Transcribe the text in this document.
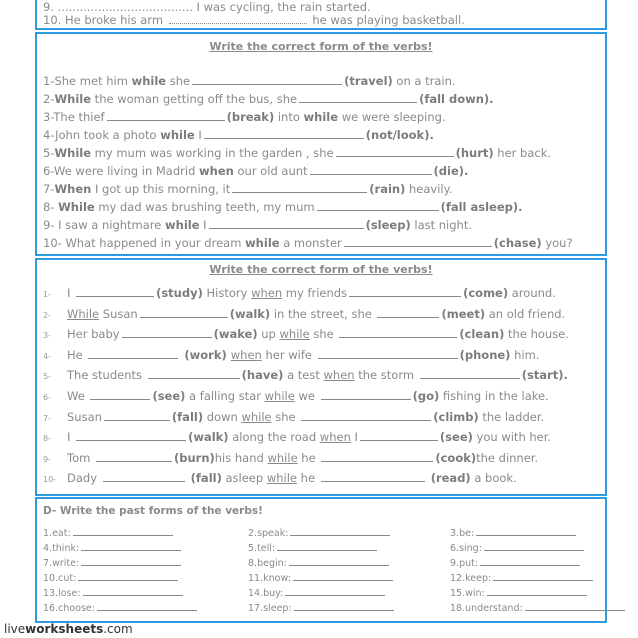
9. ..................................... I was cycling, the rain started.
10. He broke his arm	he was playing basketball.
Write the correct form of the verbs!
1-She met him while she	(travel) on a train.
2-While the woman getting off the bus, she	(fall down).
3-The thief	(break) into while we were sleeping.
4-John took a photo while I	(not/look).
5-While my mum was working in the garden , she	(hurt) her back.
6-We were living in Madrid when our old aunt	(die).
7-When I got up this morning, it	(rain) heavily.
8- While my dad was brushing teeth, my mum	(fall asleep).
9- I saw a nightmare while I	(sleep) last night.
10- What happened in your dream while a monster	(chase) you?
Write the correct form of the verbs!
1- I	(study) History when my friends	(come) around.
2- While Susan	(walk) in the street, she	(meet) an old friend.
3- Her baby	(wake) up while she	(clean) the house.
4- He	(work) when her wife	(phone) him.
5- The students	(have) a test when the storm	(start).
6- We	(see) a falling star while we	(go) fishing in the lake.
7- Susan	(fall) down while she	(climb) the ladder.
8- I	(walk) along the road when I	(see) you with her.
9- Tom	(burn)his hand while he	(cook)the dinner.
10- Dady	(fall) asleep while he	(read) a book.
D- Write the past forms of the verbs!
1.eat:	2.speak:	3.be:
4.think:	5.tell:	6.sing:
7.write:	8.begin:	9.put:
10.cut:	11.know:	12.keep:
13.lose:	14.buy:	15.win:
16.choose:	17.sleep:	18.understand:
liveworksheets.com
